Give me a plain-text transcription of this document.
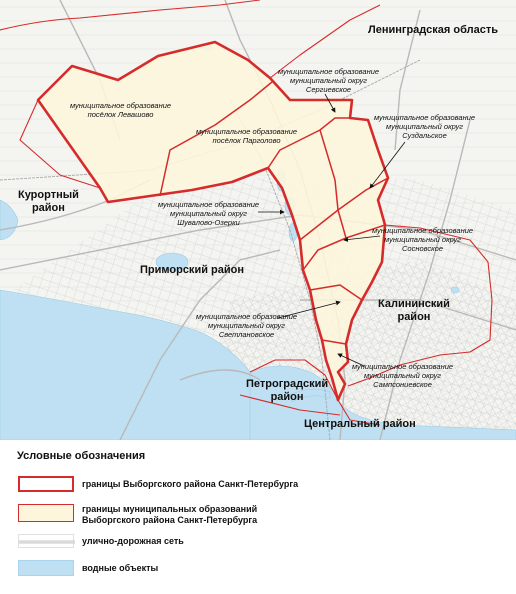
Ленинградская область
муниципальное образование
посёлок Левашово
муниципальное образование
посёлок Парголово
муниципальное образование
муниципальный округ
Сергиевское
муниципальное образование
муниципальный округ
Суздальское
муниципальное образование
муниципальный округ
Шувалово-Озерки
муниципальное образование
муниципальный округ
Сосновское
муниципальное образование
муниципальный округ
Светлановское
муниципальное образование
муниципальный округ
Сампсониевское
Курортный
район
Приморский район
Калининский
район
Петроградский
район
Центральный район
Условные обозначения
границы Выборгского района Санкт-Петербурга
границы муниципальных образований
Выборгского района Санкт-Петербурга
улично-дорожная сеть
водные объекты
